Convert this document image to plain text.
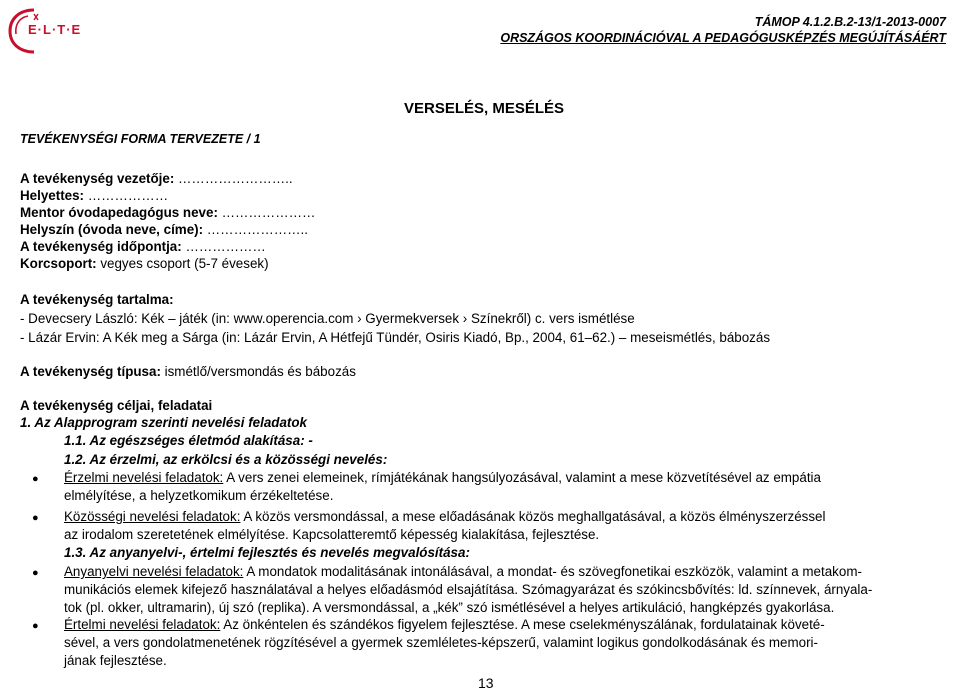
E·L·T·E	TÁMOP 4.1.2.B.2-13/1-2013-0007
ORSZÁGOS KOORDINÁCIÓVAL A PEDAGÓGUSKÉPZÉS MEGÚJÍTÁSÁÉRT
VERSELÉS, MESÉLÉS
TEVÉKENYSÉGI FORMA TERVEZETE / 1
A tevékenység vezetője: ……………………..
Helyettes: ………………
Mentor óvodapedagógus neve: …………………
Helyszín (óvoda neve, címe): …………………..
A tevékenység időpontja: ………………
Korcsoport: vegyes csoport (5-7 évesek)
A tevékenység tartalma:
- Devecsery László: Kék – játék (in: www.operencia.com › Gyermekversek › Színekről) c. vers ismétlése
- Lázár Ervin: A Kék meg a Sárga (in: Lázár Ervin, A Hétfejű Tündér, Osiris Kiadó, Bp., 2004, 61–62.) – meseismétlés, bábozás
A tevékenység típusa: ismétlő/versmondás és bábozás
A tevékenység céljai, feladatai
1. Az Alapprogram szerinti nevelési feladatok
1.1. Az egészséges életmód alakítása: -
1.2. Az érzelmi, az erkölcsi és a közösségi nevelés:
● Érzelmi nevelési feladatok: A vers zenei elemeinek, rímjátékának hangsúlyozásával, valamint a mese közvetítésével az empátia
elmélyítése, a helyzetkomikum érzékeltetése.
● Közösségi nevelési feladatok: A közös versmondással, a mese előadásának közös meghallgatásával, a közös élményszerzéssel
az irodalom szeretetének elmélyítése. Kapcsolatteremtő képesség kialakítása, fejlesztése.
1.3. Az anyanyelvi-, értelmi fejlesztés és nevelés megvalósítása:
● Anyanyelvi nevelési feladatok: A mondatok modalitásának intonálásával, a mondat- és szövegfonetikai eszközök, valamint a metakom-
munikációs elemek kifejező használatával a helyes előadásmód elsajátítása. Szómagyarázat és szókincsbővítés: ld. színnevek, árnyala-
tok (pl. okker, ultramarin), új szó (replika). A versmondással, a „kék” szó ismétlésével a helyes artikuláció, hangképzés gyakorlása.
● Értelmi nevelési feladatok: Az önkéntelen és szándékos figyelem fejlesztése. A mese cselekményszálának, fordulatainak követé-
sével, a vers gondolatmenetének rögzítésével a gyermek szemléletes-képszerű, valamint logikus gondolkodásának és memori-
jának fejlesztése.
13
